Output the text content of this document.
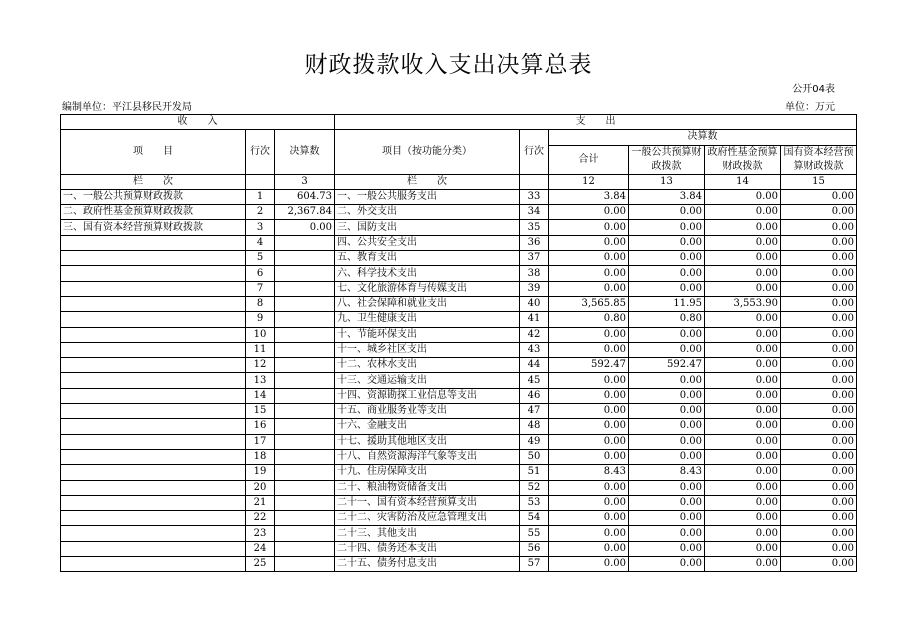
财政拨款收入支出决算总表
公开04表
编制单位：平江县移民开发局	单位：万元
收　　入			支　　出					
项　　目	行次	决算数	项目（按功能分类）	行次	决算数			
					合计	一般公共预算财政拨款	政府性基金预算财政拨款	国有资本经营预算财政拨款

栏　　次		3	栏　　次		12	13	14	15
一、一般公共预算财政拨款	1	604.73	一、一般公共服务支出	33	3.84	3.84	0.00	0.00
二、政府性基金预算财政拨款	2	2,367.84	二、外交支出	34	0.00	0.00	0.00	0.00
三、国有资本经营预算财政拨款	3	0.00	三、国防支出	35	0.00	0.00	0.00	0.00
	4		四、公共安全支出	36	0.00	0.00	0.00	0.00
	5		五、教育支出	37	0.00	0.00	0.00	0.00
	6		六、科学技术支出	38	0.00	0.00	0.00	0.00
	7		七、文化旅游体育与传媒支出	39	0.00	0.00	0.00	0.00
	8		八、社会保障和就业支出	40	3,565.85	11.95	3,553.90	0.00
	9		九、卫生健康支出	41	0.80	0.80	0.00	0.00
	10		十、节能环保支出	42	0.00	0.00	0.00	0.00
	11		十一、城乡社区支出	43	0.00	0.00	0.00	0.00
	12		十二、农林水支出	44	592.47	592.47	0.00	0.00
	13		十三、交通运输支出	45	0.00	0.00	0.00	0.00
	14		十四、资源勘探工业信息等支出	46	0.00	0.00	0.00	0.00
	15		十五、商业服务业等支出	47	0.00	0.00	0.00	0.00
	16		十六、金融支出	48	0.00	0.00	0.00	0.00
	17		十七、援助其他地区支出	49	0.00	0.00	0.00	0.00
	18		十八、自然资源海洋气象等支出	50	0.00	0.00	0.00	0.00
	19		十九、住房保障支出	51	8.43	8.43	0.00	0.00
	20		二十、粮油物资储备支出	52	0.00	0.00	0.00	0.00
	21		二十一、国有资本经营预算支出	53	0.00	0.00	0.00	0.00
	22		二十二、灾害防治及应急管理支出	54	0.00	0.00	0.00	0.00
	23		二十三、其他支出	55	0.00	0.00	0.00	0.00
	24		二十四、债务还本支出	56	0.00	0.00	0.00	0.00
	25		二十五、债务付息支出	57	0.00	0.00	0.00	0.00
